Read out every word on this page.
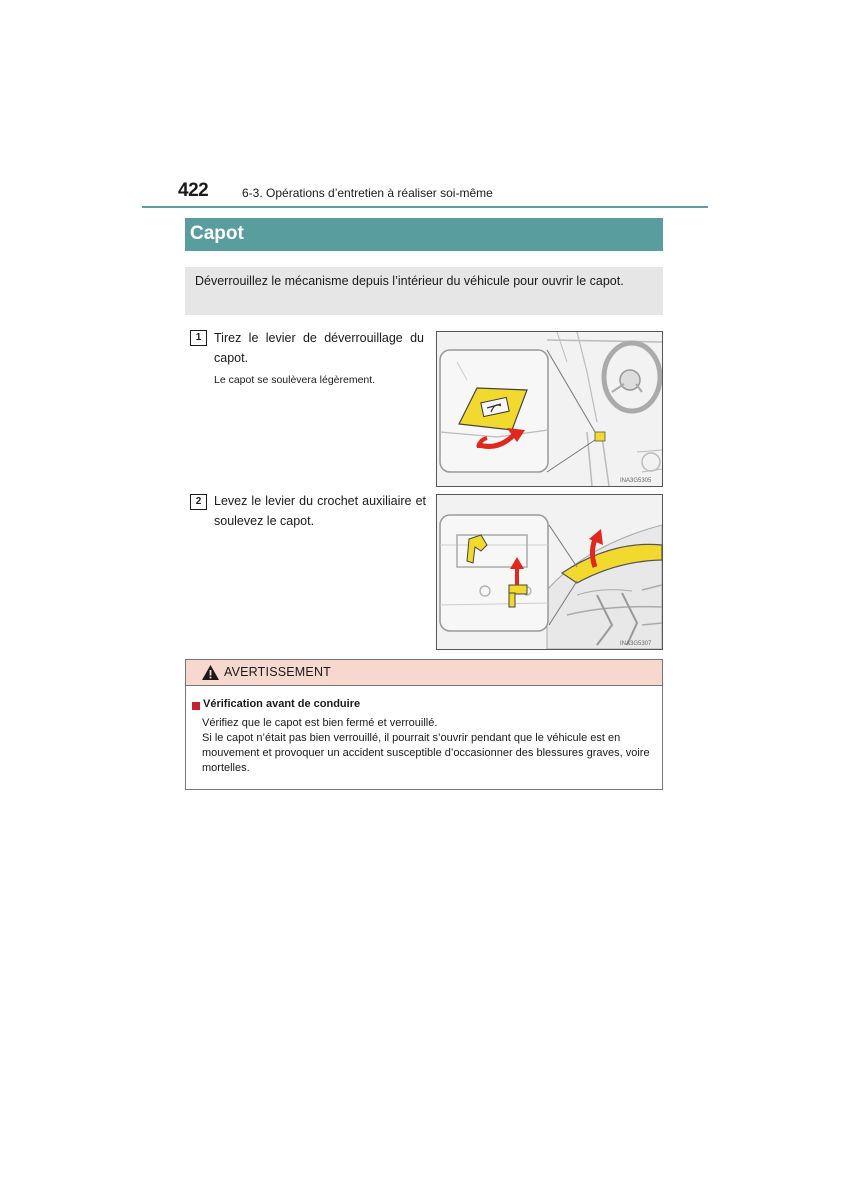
422	6-3. Opérations d’entretien à réaliser soi-même
Capot
Déverrouillez le mécanisme depuis l’intérieur du véhicule pour ouvrir le capot.
1	Tirez le levier de déverrouillage du capot.
Le capot se soulèvera légèrement.
INA3G5305
2	Levez le levier du crochet auxiliaire et soulevez le capot.
INA3G5307
AVERTISSEMENT
Vérification avant de conduire
Vérifiez que le capot est bien fermé et verrouillé.
Si le capot n’était pas bien verrouillé, il pourrait s’ouvrir pendant que le véhicule est en mouvement et provoquer un accident susceptible d’occasionner des blessures graves, voire mortelles.
